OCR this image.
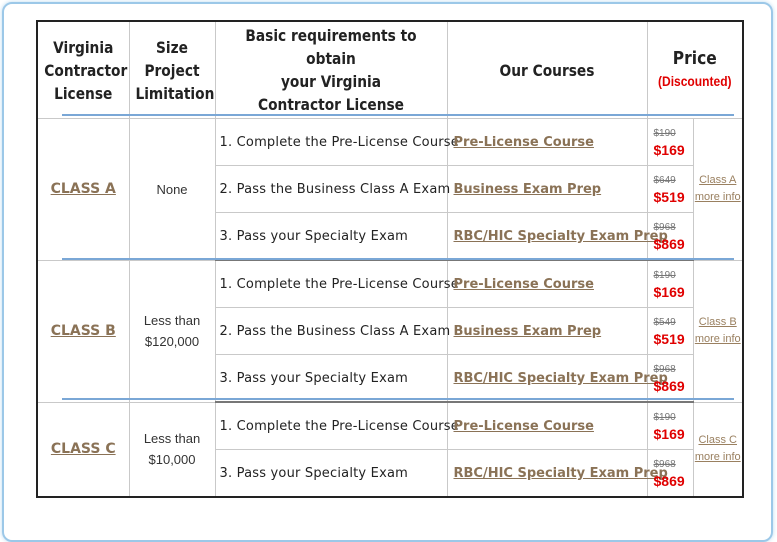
Virginia
Contractor
License	Size
Project
Limitation	Basic requirements to obtain
your Virginia
Contractor License	Our Courses	Price
(Discounted)	

CLASS A	None	1. Complete the Pre-License Course	Pre-License Course	$190
$169	Class A
more info

		2. Pass the Business Class A Exam	Business Exam Prep	$649
$519	

		3. Pass your Specialty Exam	RBC/HIC Specialty Exam Prep	$968
$869	

CLASS B	Less than
$120,000	1. Complete the Pre-License Course	Pre-License Course	$190
$169	Class B
more info

		2. Pass the Business Class A Exam	Business Exam Prep	$549
$519	

		3. Pass your Specialty Exam	RBC/HIC Specialty Exam Prep	$968
$869	

CLASS C	Less than
$10,000	1. Complete the Pre-License Course	Pre-License Course	$190
$169	Class C
more info

		3. Pass your Specialty Exam	RBC/HIC Specialty Exam Prep	$968
$869	
